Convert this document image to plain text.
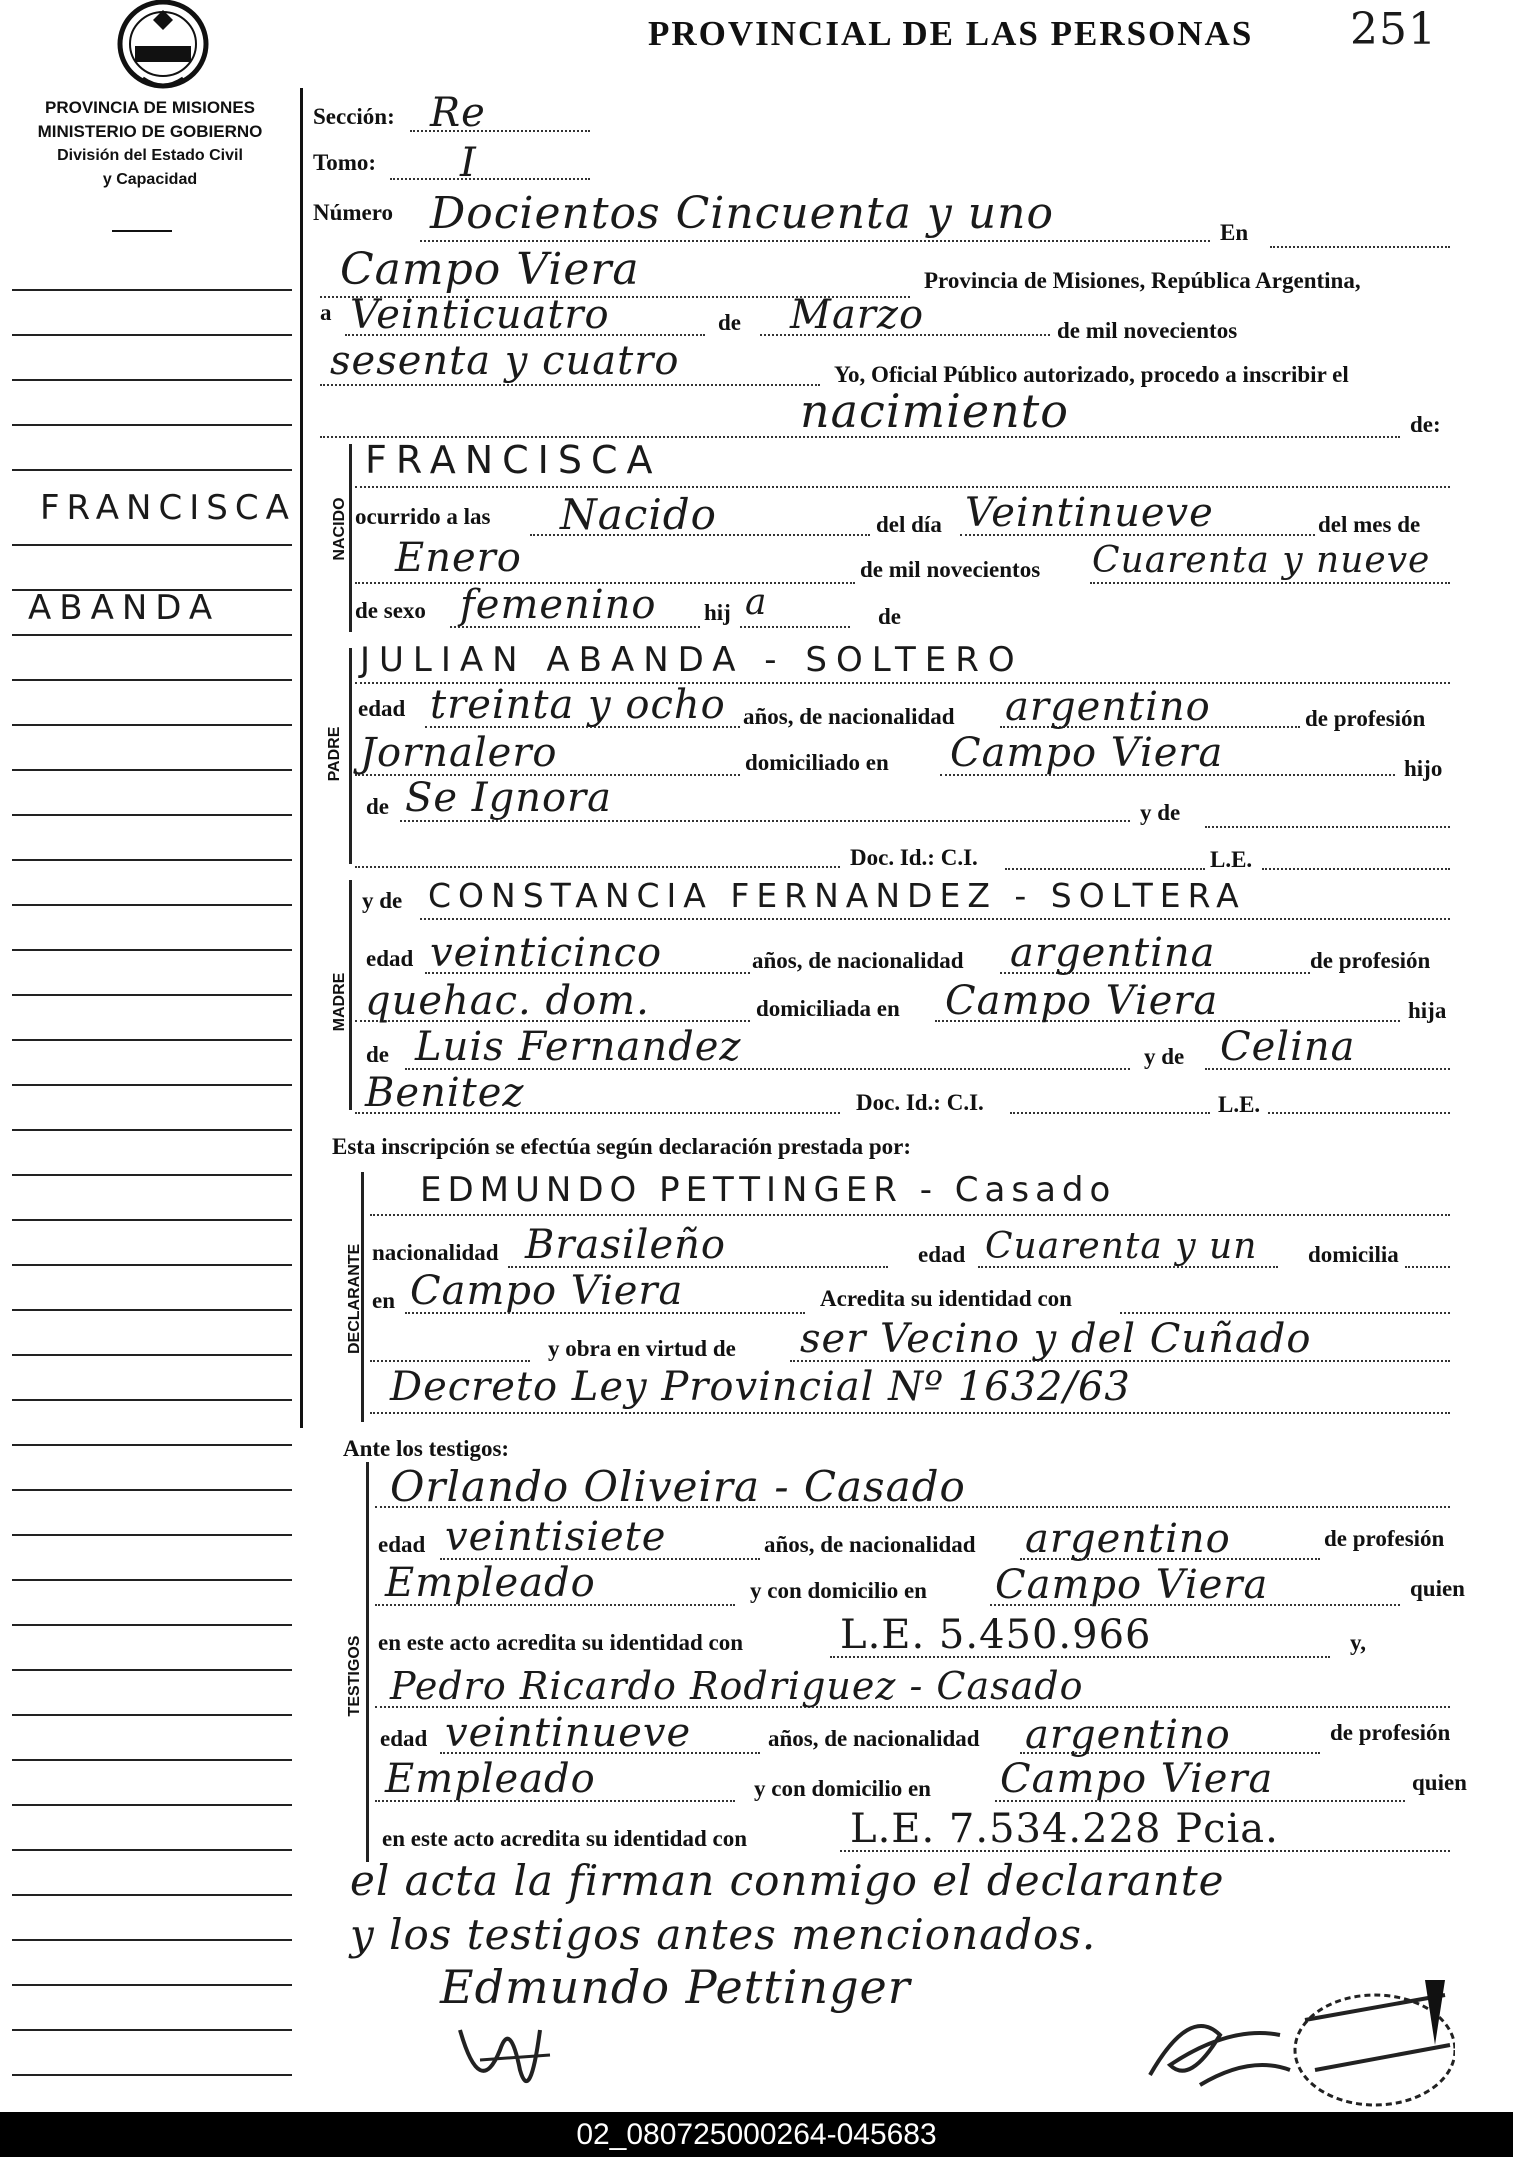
PROVINCIAL DE LAS PERSONAS 251
PROVINCIA DE MISIONES
MINISTERIO DE GOBIERNO
División del Estado Civil
y Capacidad
FRANCISCA
ABANDA
Sección: Re
Tomo: I
Número Docientos Cincuenta y uno	En
Campo Viera	Provincia de Misiones, República Argentina,
a Veinticuatro	de Marzo	de mil novecientos
sesenta y cuatro	Yo, Oficial Público autorizado, procedo a inscribir el
nacimiento	de:
NACIDO
FRANCISCA
ocurrido a las Nacido	del día Veintinueve	del mes de
Enero	de mil novecientos Cuarenta y nueve
de sexo femenino hij a	de
PADRE
JULIAN ABANDA - SOLTERO
edad treinta y ocho años, de nacionalidad argentino	de profesión
Jornalero	domiciliado en Campo Viera	hijo
de Se Ignora	y de
Doc. Id.: C.I.	L.E.
MADRE
y de CONSTANCIA FERNANDEZ - SOLTERA
edad veinticinco	años, de nacionalidad argentina	de profesión
quehac. dom.	domiciliada en Campo Viera	hija
de Luis Fernandez	y de Celina
Benitez	Doc. Id.: C.I.	L.E.
Esta inscripción se efectúa según declaración prestada por:
DECLARANTE
EDMUNDO PETTINGER - Casado
nacionalidad Brasileño	edad Cuarenta y un domicilia
en Campo Viera	Acredita su identidad con
y obra en virtud de ser Vecino y del Cuñado
Decreto Ley Provincial Nº 1632/63
Ante los testigos:
TESTIGOS
Orlando Oliveira - Casado
edad veintisiete	años, de nacionalidad argentino	de profesión
Empleado	y con domicilio en Campo Viera	quien
en este acto acredita su identidad con L.E. 5.450.966	y,
Pedro Ricardo Rodriguez - Casado
edad veintinueve	años, de nacionalidad argentino	de profesión
Empleado	y con domicilio en Campo Viera	quien
en este acto acredita su identidad con	L.E. 7.534.228 Pcia.
el acta la firman conmigo el declarante
y los testigos antes mencionados.
Edmundo Pettinger
02_080725000264-045683
